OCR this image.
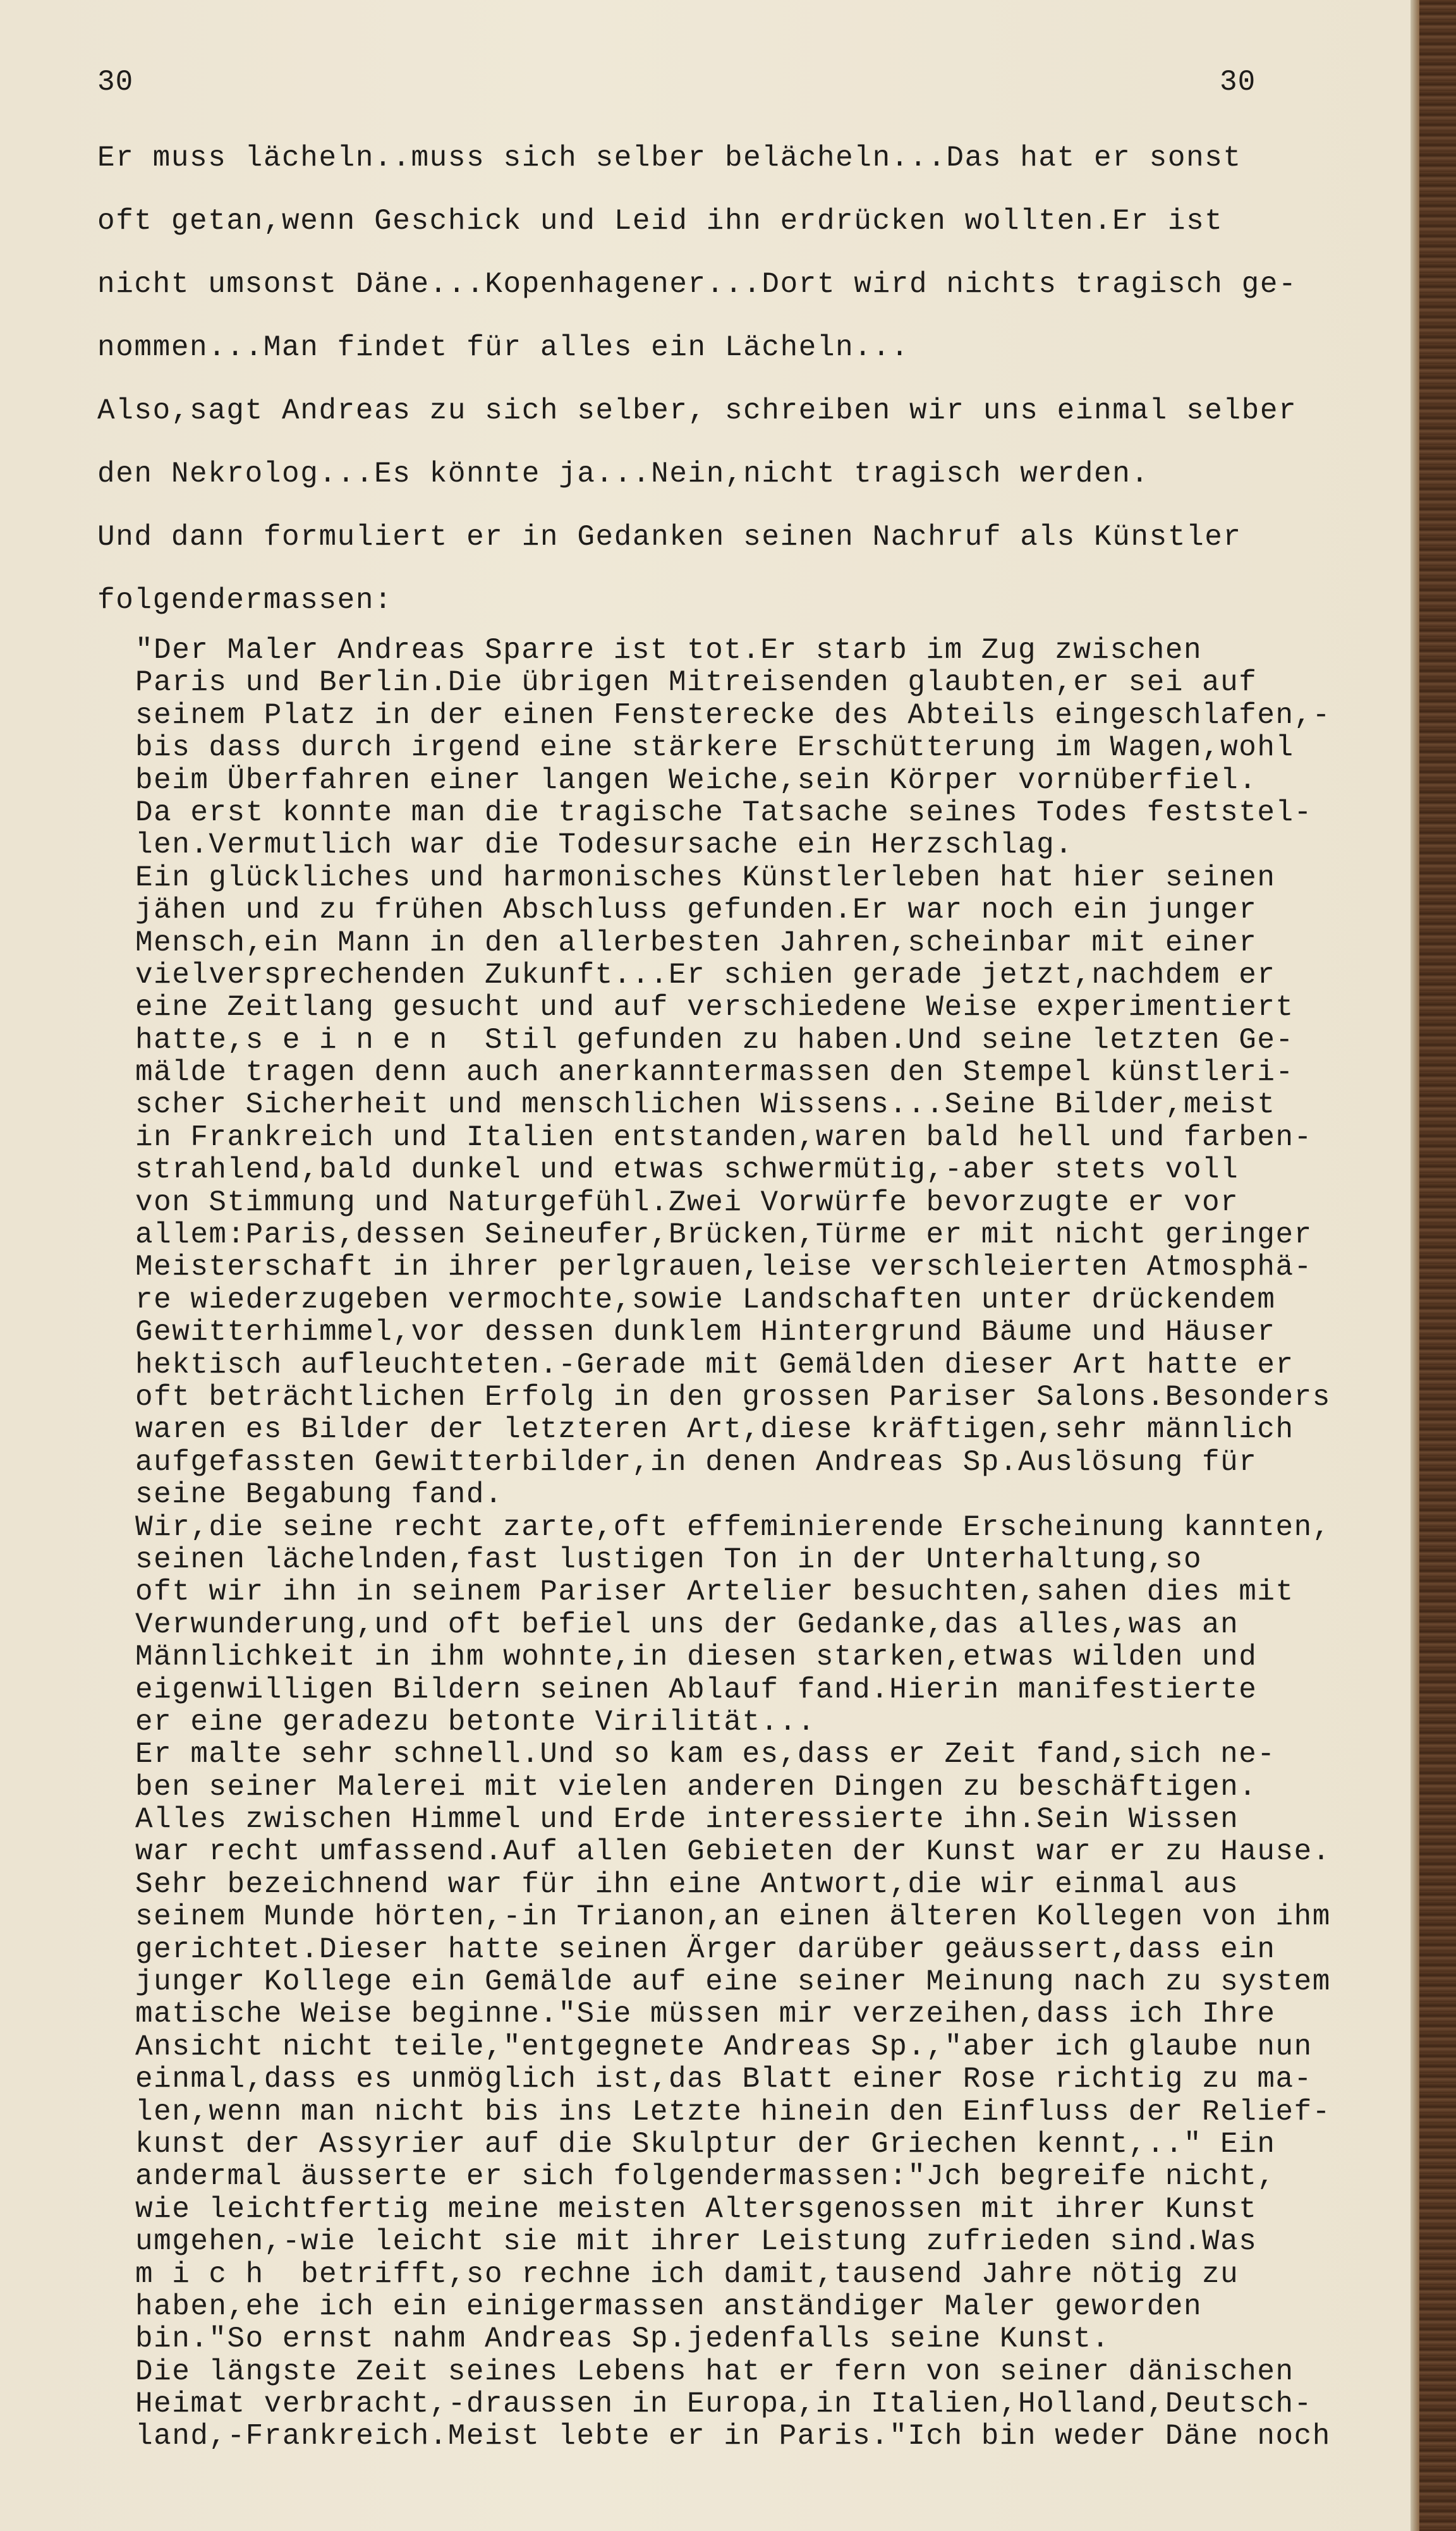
30	30
Er muss lächeln..muss sich selber belächeln...Das hat er sonst
oft getan,wenn Geschick und Leid ihn erdrücken wollten.Er ist
nicht umsonst Däne...Kopenhagener...Dort wird nichts tragisch ge-
nommen...Man findet für alles ein Lächeln...
Also,sagt Andreas zu sich selber, schreiben wir uns einmal selber
den Nekrolog...Es könnte ja...Nein,nicht tragisch werden.
Und dann formuliert er in Gedanken seinen Nachruf als Künstler
folgendermassen:
"Der Maler Andreas Sparre ist tot.Er starb im Zug zwischen
Paris und Berlin.Die übrigen Mitreisenden glaubten,er sei auf
seinem Platz in der einen Fensterecke des Abteils eingeschlafen,-
bis dass durch irgend eine stärkere Erschütterung im Wagen,wohl
beim Überfahren einer langen Weiche,sein Körper vornüberfiel.
Da erst konnte man die tragische Tatsache seines Todes feststel-
len.Vermutlich war die Todesursache ein Herzschlag.
Ein glückliches und harmonisches Künstlerleben hat hier seinen
jähen und zu frühen Abschluss gefunden.Er war noch ein junger
Mensch,ein Mann in den allerbesten Jahren,scheinbar mit einer
vielversprechenden Zukunft...Er schien gerade jetzt,nachdem er
eine Zeitlang gesucht und auf verschiedene Weise experimentiert
hatte,s e i n e n  Stil gefunden zu haben.Und seine letzten Ge-
mälde tragen denn auch anerkanntermassen den Stempel künstleri-
scher Sicherheit und menschlichen Wissens...Seine Bilder,meist
in Frankreich und Italien entstanden,waren bald hell und farben-
strahlend,bald dunkel und etwas schwermütig,-aber stets voll
von Stimmung und Naturgefühl.Zwei Vorwürfe bevorzugte er vor
allem:Paris,dessen Seineufer,Brücken,Türme er mit nicht geringer
Meisterschaft in ihrer perlgrauen,leise verschleierten Atmosphä-
re wiederzugeben vermochte,sowie Landschaften unter drückendem
Gewitterhimmel,vor dessen dunklem Hintergrund Bäume und Häuser
hektisch aufleuchteten.-Gerade mit Gemälden dieser Art hatte er
oft beträchtlichen Erfolg in den grossen Pariser Salons.Besonders
waren es Bilder der letzteren Art,diese kräftigen,sehr männlich
aufgefassten Gewitterbilder,in denen Andreas Sp.Auslösung für
seine Begabung fand.
Wir,die seine recht zarte,oft effeminierende Erscheinung kannten,
seinen lächelnden,fast lustigen Ton in der Unterhaltung,so
oft wir ihn in seinem Pariser Artelier besuchten,sahen dies mit
Verwunderung,und oft befiel uns der Gedanke,das alles,was an
Männlichkeit in ihm wohnte,in diesen starken,etwas wilden und
eigenwilligen Bildern seinen Ablauf fand.Hierin manifestierte
er eine geradezu betonte Virilität...
Er malte sehr schnell.Und so kam es,dass er Zeit fand,sich ne-
ben seiner Malerei mit vielen anderen Dingen zu beschäftigen.
Alles zwischen Himmel und Erde interessierte ihn.Sein Wissen
war recht umfassend.Auf allen Gebieten der Kunst war er zu Hause.
Sehr bezeichnend war für ihn eine Antwort,die wir einmal aus
seinem Munde hörten,-in Trianon,an einen älteren Kollegen von ihm
gerichtet.Dieser hatte seinen Ärger darüber geäussert,dass ein
junger Kollege ein Gemälde auf eine seiner Meinung nach zu system
matische Weise beginne."Sie müssen mir verzeihen,dass ich Ihre
Ansicht nicht teile,"entgegnete Andreas Sp.,"aber ich glaube nun
einmal,dass es unmöglich ist,das Blatt einer Rose richtig zu ma-
len,wenn man nicht bis ins Letzte hinein den Einfluss der Relief-
kunst der Assyrier auf die Skulptur der Griechen kennt,.." Ein
andermal äusserte er sich folgendermassen:"Jch begreife nicht,
wie leichtfertig meine meisten Altersgenossen mit ihrer Kunst
umgehen,-wie leicht sie mit ihrer Leistung zufrieden sind.Was
m i c h  betrifft,so rechne ich damit,tausend Jahre nötig zu
haben,ehe ich ein einigermassen anständiger Maler geworden
bin."So ernst nahm Andreas Sp.jedenfalls seine Kunst.
Die längste Zeit seines Lebens hat er fern von seiner dänischen
Heimat verbracht,-draussen in Europa,in Italien,Holland,Deutsch-
land,-Frankreich.Meist lebte er in Paris."Ich bin weder Däne noch
